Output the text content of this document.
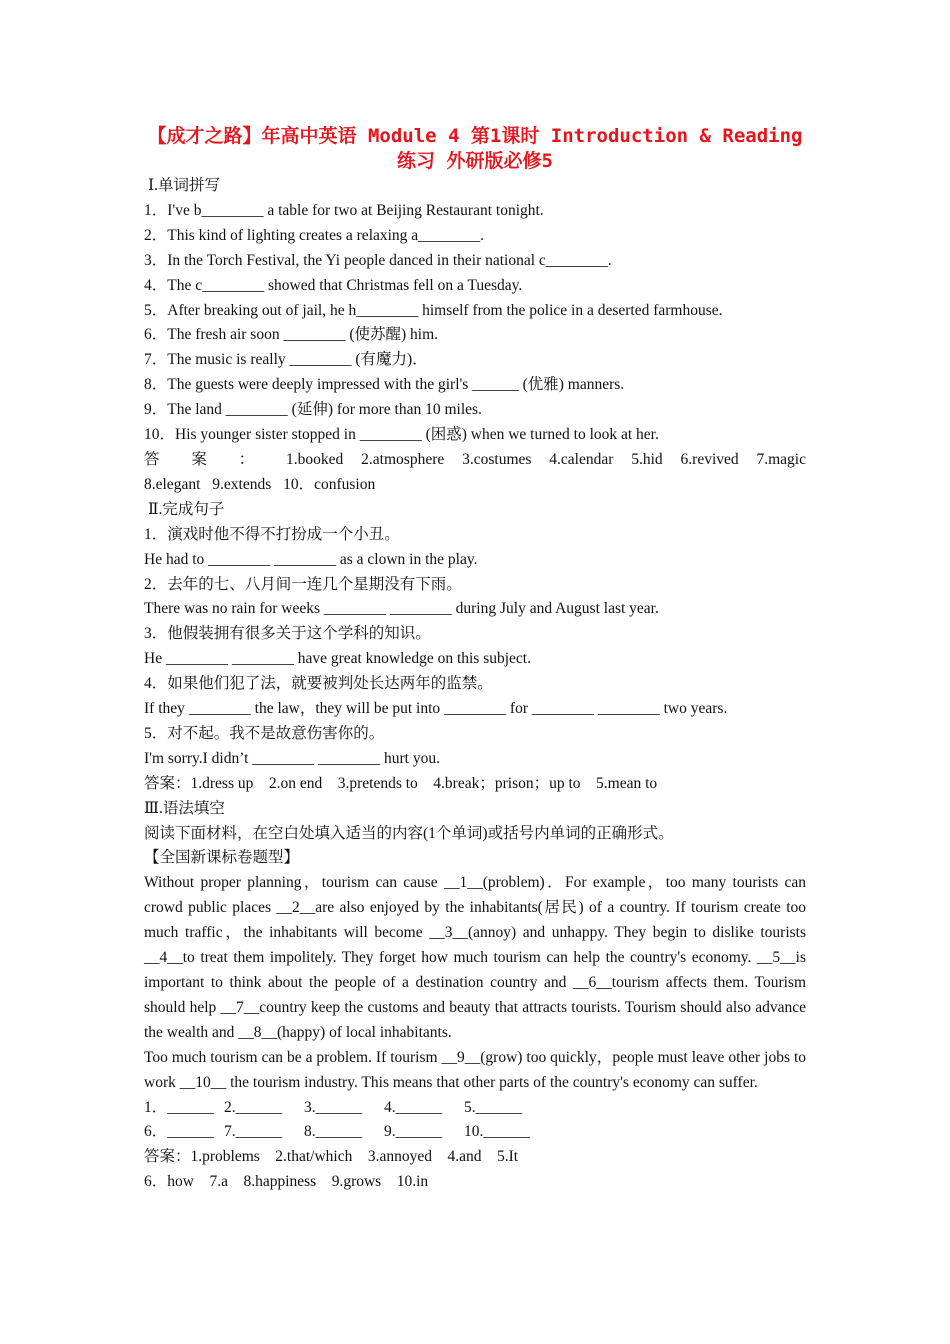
【成才之路】年高中英语 Module 4 第1课时 Introduction & Reading练习 外研版必修5
Ⅰ.单词拼写
1．I've b________ a table for two at Beijing Restaurant tonight.
2．This kind of lighting creates a relaxing a________.
3．In the Torch Festival, the Yi people danced in their national c________.
4．The c________ showed that Christmas fell on a Tuesday.
5．After breaking out of jail, he h________ himself from the police in a deserted farmhouse.
6．The fresh air soon ________ (使苏醒) him.
7．The music is really ________ (有魔力)．
8．The guests were deeply impressed with the girl's ______ (优雅) manners.
9．The land ________ (延伸) for more than 10 miles.
10．His younger sister stopped in ________ (困惑) when we turned to look at her.
答 案 ： 1.booked 2.atmosphere 3.costumes 4.calendar 5.hid 6.revived 7.magic
8.elegant 9.extends 10．confusion
Ⅱ.完成句子
1．演戏时他不得不打扮成一个小丑。
He had to ________ ________ as a clown in the play.
2．去年的七、八月间一连几个星期没有下雨。
There was no rain for weeks ________ ________ during July and August last year.
3．他假装拥有很多关于这个学科的知识。
He ________ ________ have great knowledge on this subject.
4．如果他们犯了法，就要被判处长达两年的监禁。
If they ________ the law，they will be put into ________ for ________ ________ two years.
5．对不起。我不是故意伤害你的。
I'm sorry.I didn’t ________ ________ hurt you.
答案：1.dress up　2.on end　3.pretends to　4.break；prison；up to　5.mean to
Ⅲ.语法填空
阅读下面材料，在空白处填入适当的内容(1个单词)或括号内单词的正确形式。
【全国新课标卷题型】
Without proper planning，tourism can cause __1__(problem)．For example，too many tourists can crowd public places __2__are also enjoyed by the inhabitants(居民) of a country. If tourism create too much traffic，the inhabitants will become __3__(annoy) and unhappy. They begin to dislike tourists __4__to treat them impolitely. They forget how much tourism can help the country's economy. __5__is important to think about the people of a destination country and __6__tourism affects them. Tourism should help __7__country keep the customs and beauty that attracts tourists. Tourism should also advance the wealth and __8__(happy) of local inhabitants.
Too much tourism can be a problem. If tourism __9__(grow) too quickly，people must leave other jobs to work __10__ the tourism industry. This means that other parts of the country's economy can suffer.
1．______ 2.______ 3.______ 4.______ 5.______
6．______ 7.______ 8.______ 9.______ 10.______
答案：1.problems　2.that/which　3.annoyed　4.and　5.It
6．how　7.a　8.happiness　9.grows　10.in
